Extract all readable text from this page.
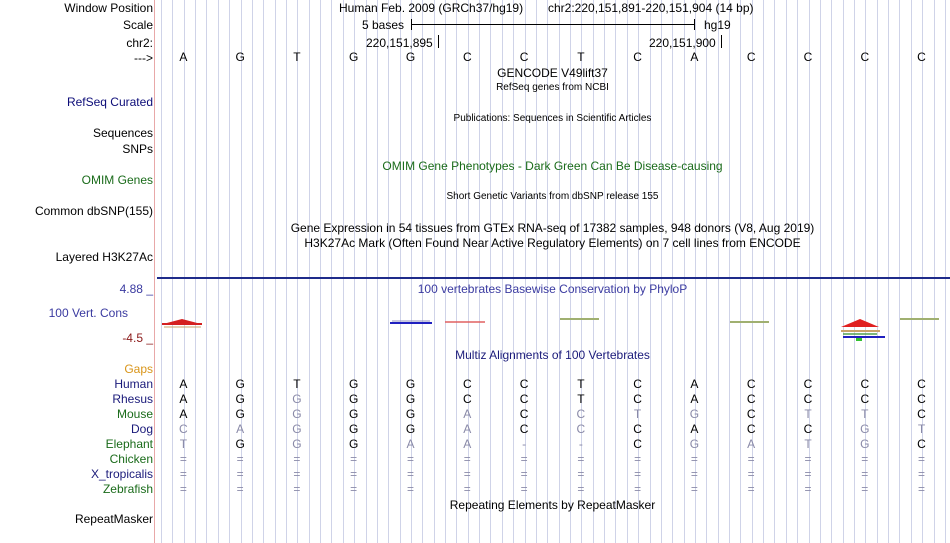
Window Position
Scale
chr2:
--->
RefSeq Curated
Sequences
SNPs
OMIM Genes
Common dbSNP(155)
Layered H3K27Ac
4.88 _
100 Vert. Cons
-4.5 _
Gaps
RepeatMasker
Human Feb. 2009 (GRCh37/hg19) chr2:220,151,891-220,151,904 (14 bp)
5 bases	hg19
220,151,895	220,151,900
A	G	T	G	G	C	C	T	C	A	C	C	C	C
GENCODE V49lift37
RefSeq genes from NCBI
Publications: Sequences in Scientific Articles
OMIM Gene Phenotypes - Dark Green Can Be Disease-causing
Short Genetic Variants from dbSNP release 155
Gene Expression in 54 tissues from GTEx RNA-seq of 17382 samples, 948 donors (V8, Aug 2019)
H3K27Ac Mark (Often Found Near Active Regulatory Elements) on 7 cell lines from ENCODE
100 vertebrates Basewise Conservation by PhyloP
Multiz Alignments of 100 Vertebrates
Human	A	G	T	G	G	C	C	T	C	A	C	C	C	C
Rhesus	A	G	G	G	G	C	C	T	C	A	C	C	C	C
Mouse	A	G	G	G	G	A	C	C	T	G	C	T	T	C
Dog	C	A	G	G	G	A	C	C	C	A	C	C	G	T
Elephant	T	G	G	G	A	A	-	-	C	G	A	T	G	C
Chicken	=	=	=	=	=	=	=	=	=	=	=	=	=	=
X_tropicalis	=	=	=	=	=	=	=	=	=	=	=	=	=	=
Zebrafish	=	=	=	=	=	=	=	=	=	=	=	=	=	=
Repeating Elements by RepeatMasker
